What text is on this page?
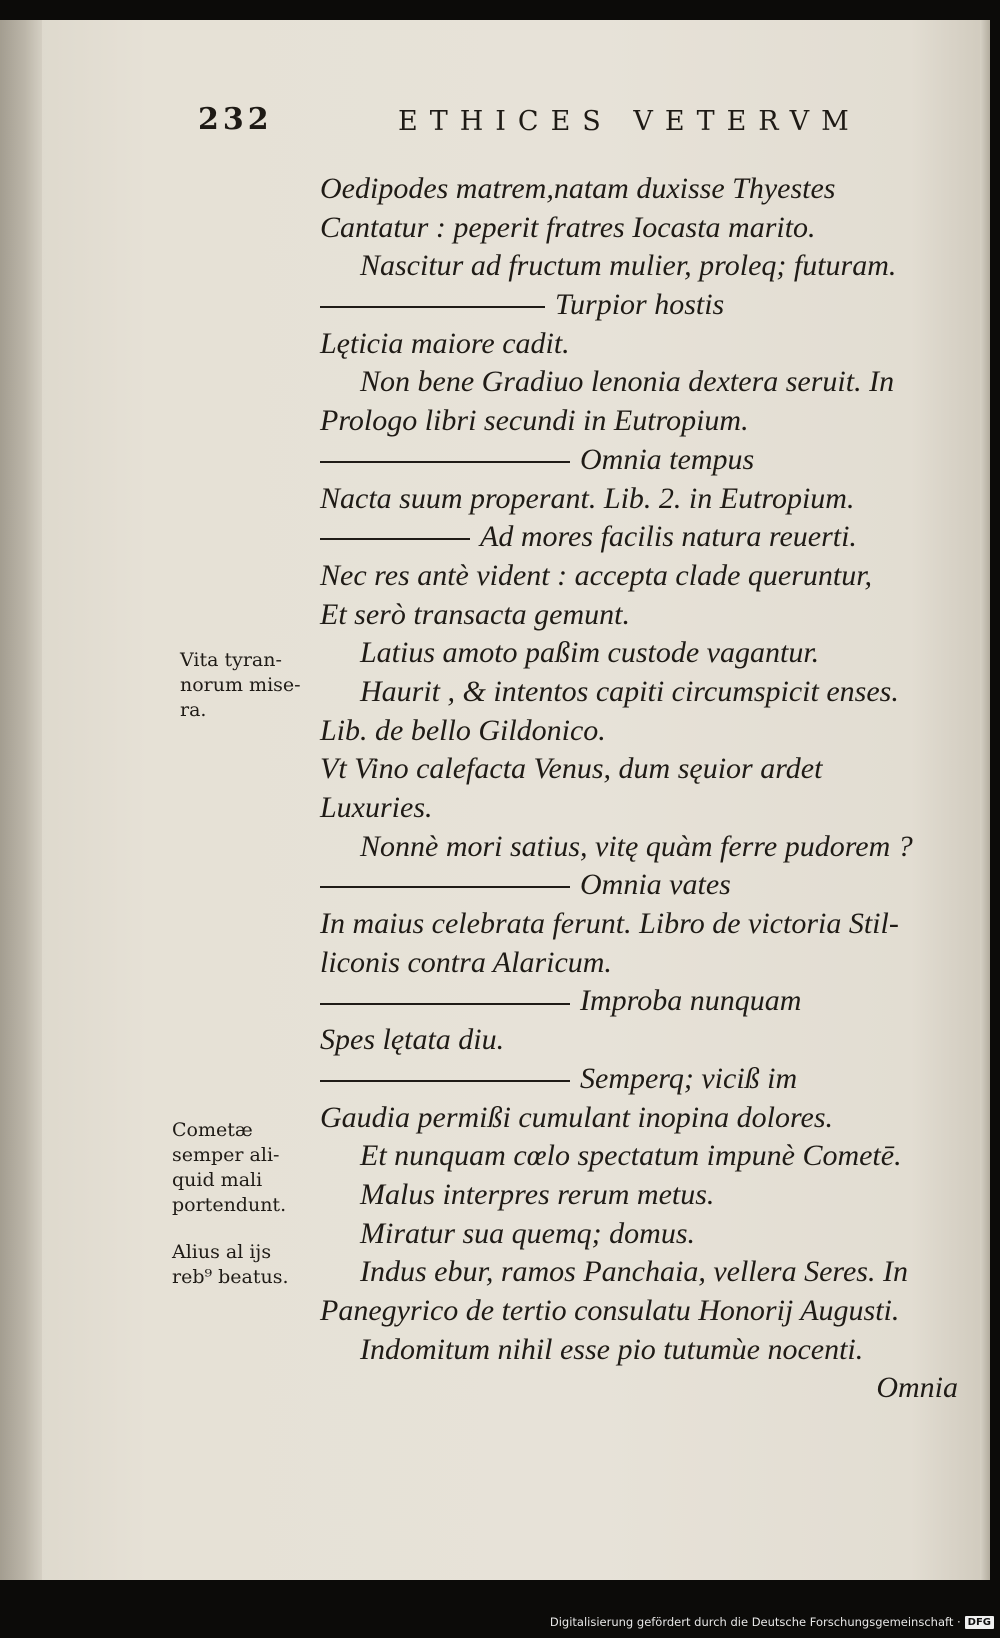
232	ETHICES VETERVM
Oedipodes matrem,natam duxisse Thyestes
Cantatur : peperit fratres Iocasta marito.
Nascitur ad fructum mulier, proleq; futuram.
Turpior hostis
Lęticia maiore cadit.
Non bene Gradiuo lenonia dextera seruit. In
Prologo libri secundi in Eutropium.
Omnia tempus
Nacta suum properant. Lib. 2. in Eutropium.
Ad mores facilis natura reuerti.
Nec res antè vident : accepta clade queruntur,
Et serò transacta gemunt.
Latius amoto paßim custode vagantur.
Haurit , & intentos capiti circumspicit enses.
Lib. de bello Gildonico.
Vt Vino calefacta Venus, dum sęuior ardet
Luxuries.
Nonnè mori satius, vitę quàm ferre pudorem ?
Omnia vates
In maius celebrata ferunt. Libro de victoria Stil-
liconis contra Alaricum.
Improba nunquam
Spes lętata diu.
Semperq; viciß im
Gaudia permißi cumulant inopina dolores.
Et nunquam cœlo spectatum impunè Cometē.
Malus interpres rerum metus.
Miratur sua quemq; domus.
Indus ebur, ramos Panchaia, vellera Seres. In
Panegyrico de tertio consulatu Honorij Augusti.
Indomitum nihil esse pio tutumùe nocenti.
Omnia
Vita tyran-
norum mise-
ra.
Cometæ
semper ali-
quid mali
portendunt.
Alius al ijs
reb⁹ beatus.
Digitalisierung gefördert durch die Deutsche Forschungsgemeinschaft · DFG
